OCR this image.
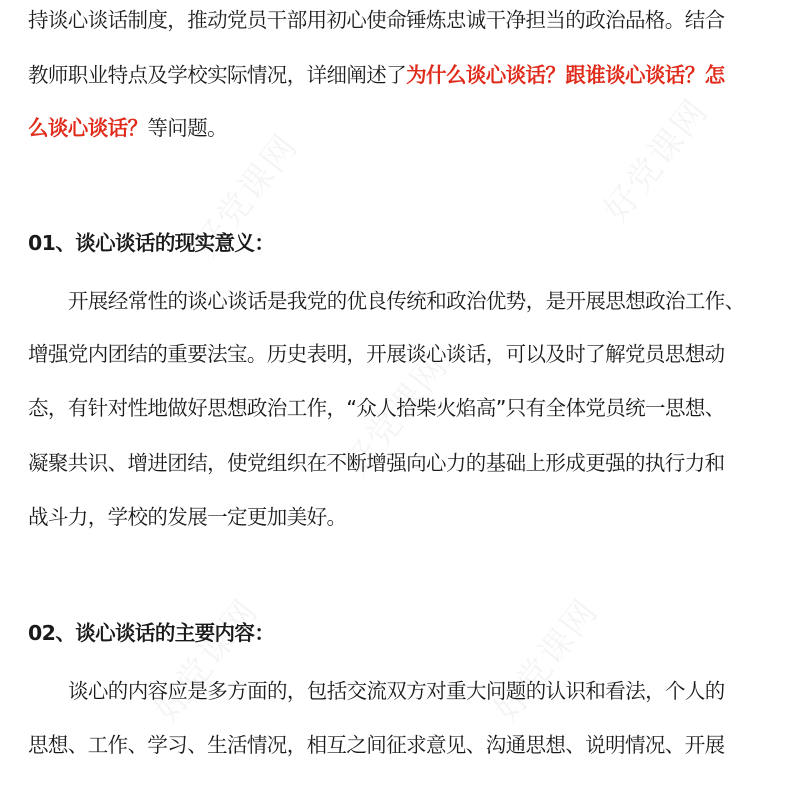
持谈心谈话制度，推动党员干部用初心使命锤炼忠诚干净担当的政治品格。结合
教师职业特点及学校实际情况，详细阐述了为什么谈心谈话？跟谁谈心谈话？怎
么谈心谈话？等问题。
01、谈心谈话的现实意义：
开展经常性的谈心谈话是我党的优良传统和政治优势，是开展思想政治工作、
增强党内团结的重要法宝。历史表明，开展谈心谈话，可以及时了解党员思想动
态，有针对性地做好思想政治工作，“众人拾柴火焰高”只有全体党员统一思想、
凝聚共识、增进团结，使党组织在不断增强向心力的基础上形成更强的执行力和
战斗力，学校的发展一定更加美好。
02、谈心谈话的主要内容：
谈心的内容应是多方面的，包括交流双方对重大问题的认识和看法，个人的
思想、工作、学习、生活情况，相互之间征求意见、沟通思想、说明情况、开展
